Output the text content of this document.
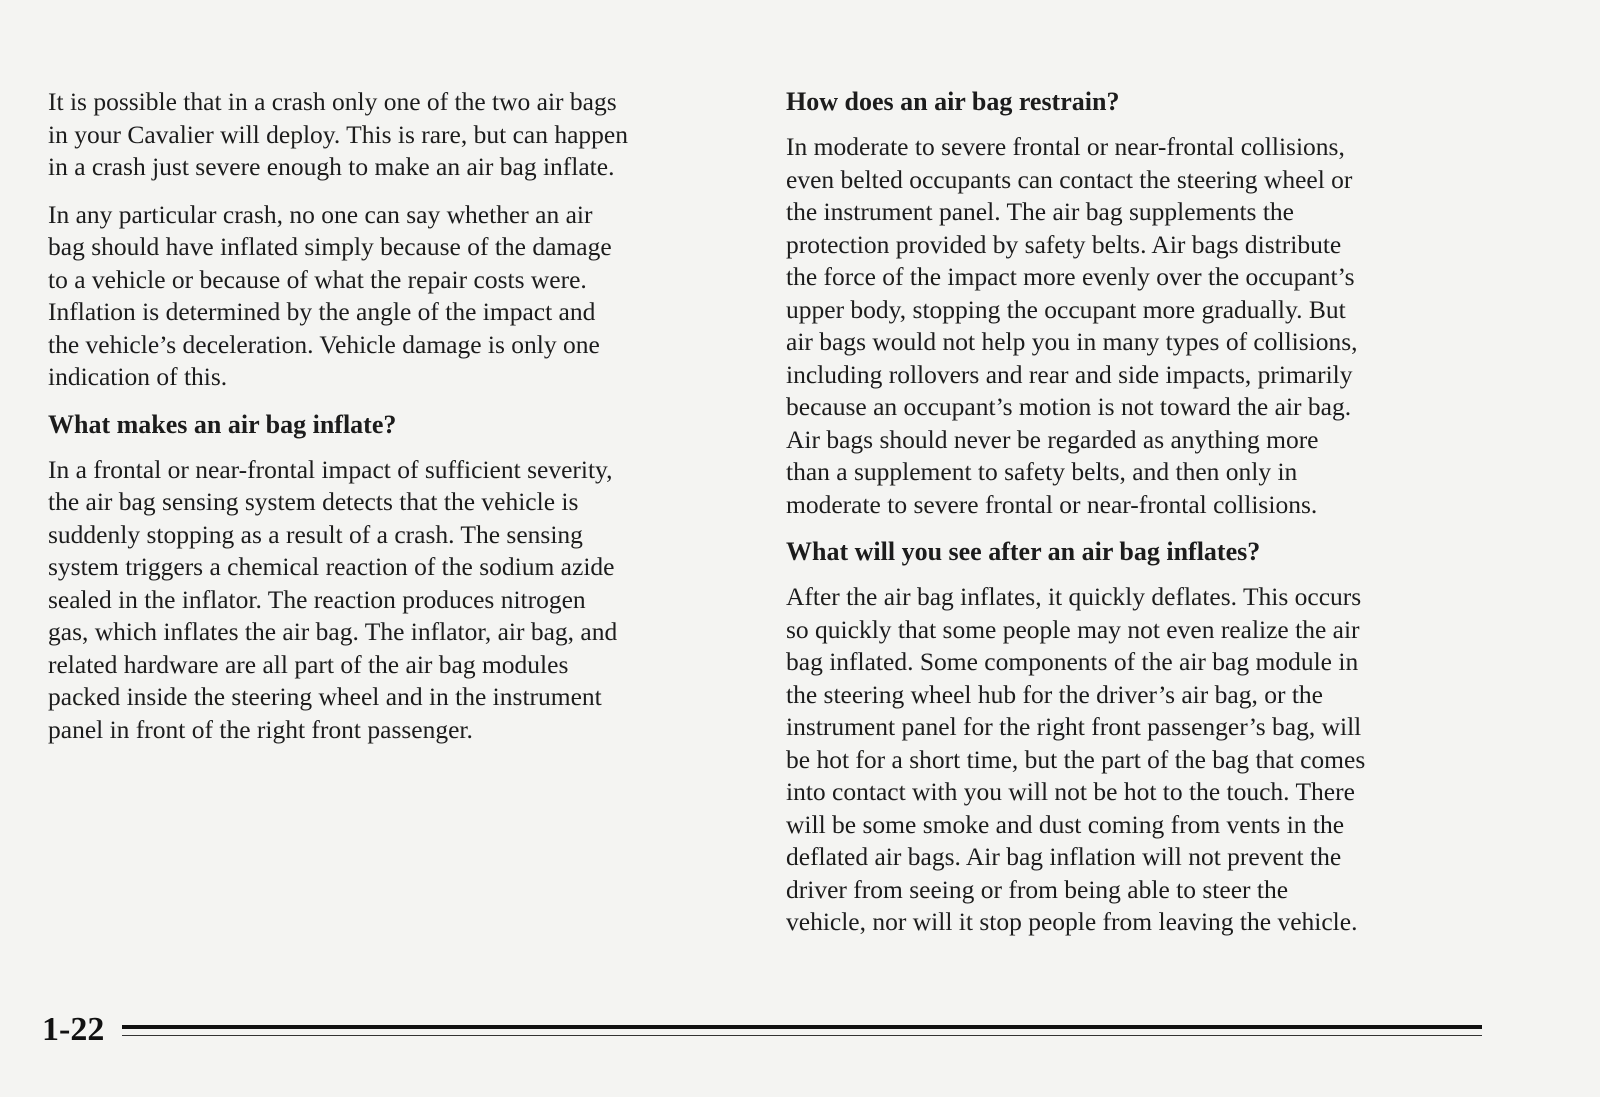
It is possible that in a crash only one of the two air bags
in your Cavalier will deploy. This is rare, but can happen
in a crash just severe enough to make an air bag inflate.

In any particular crash, no one can say whether an air
bag should have inflated simply because of the damage
to a vehicle or because of what the repair costs were.
Inflation is determined by the angle of the impact and
the vehicle’s deceleration. Vehicle damage is only one
indication of this.

What makes an air bag inflate?

In a frontal or near-frontal impact of sufficient severity,
the air bag sensing system detects that the vehicle is
suddenly stopping as a result of a crash. The sensing
system triggers a chemical reaction of the sodium azide
sealed in the inflator. The reaction produces nitrogen
gas, which inflates the air bag. The inflator, air bag, and
related hardware are all part of the air bag modules
packed inside the steering wheel and in the instrument
panel in front of the right front passenger.

How does an air bag restrain?

In moderate to severe frontal or near-frontal collisions,
even belted occupants can contact the steering wheel or
the instrument panel. The air bag supplements the
protection provided by safety belts. Air bags distribute
the force of the impact more evenly over the occupant’s
upper body, stopping the occupant more gradually. But
air bags would not help you in many types of collisions,
including rollovers and rear and side impacts, primarily
because an occupant’s motion is not toward the air bag.
Air bags should never be regarded as anything more
than a supplement to safety belts, and then only in
moderate to severe frontal or near-frontal collisions.

What will you see after an air bag inflates?

After the air bag inflates, it quickly deflates. This occurs
so quickly that some people may not even realize the air
bag inflated. Some components of the air bag module in
the steering wheel hub for the driver’s air bag, or the
instrument panel for the right front passenger’s bag, will
be hot for a short time, but the part of the bag that comes
into contact with you will not be hot to the touch. There
will be some smoke and dust coming from vents in the
deflated air bags. Air bag inflation will not prevent the
driver from seeing or from being able to steer the
vehicle, nor will it stop people from leaving the vehicle.

1-22
